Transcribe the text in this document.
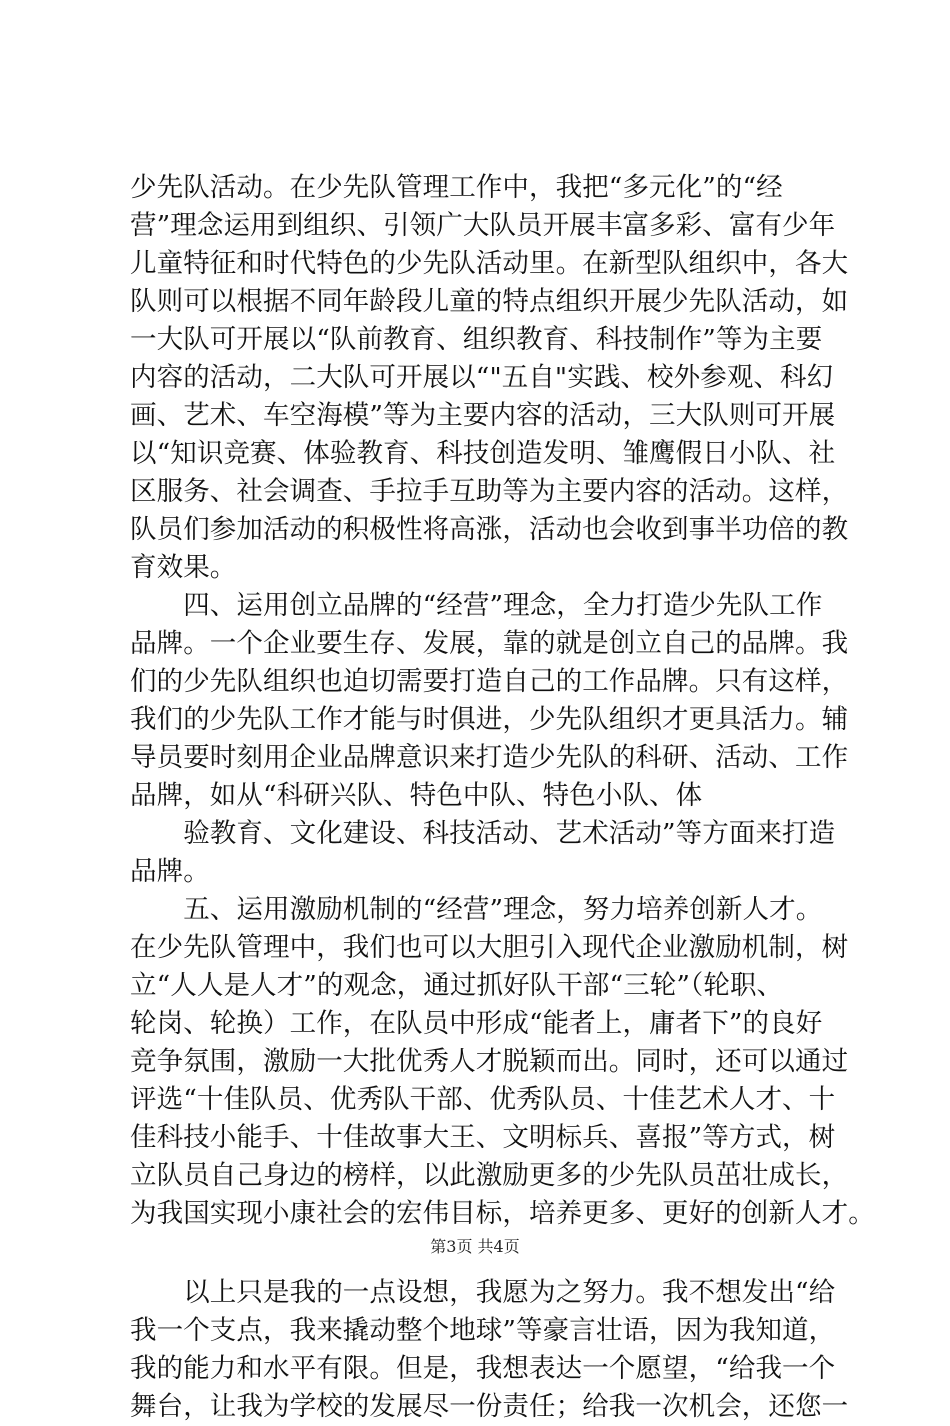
少先队活动。在少先队管理工作中，我把“多元化”的“经
营”理念运用到组织、引领广大队员开展丰富多彩、富有少年
儿童特征和时代特色的少先队活动里。在新型队组织中，各大
队则可以根据不同年龄段儿童的特点组织开展少先队活动，如
一大队可开展以“队前教育、组织教育、科技制作”等为主要
内容的活动，二大队可开展以“"五自"实践、校外参观、科幻
画、艺术、车空海模”等为主要内容的活动，三大队则可开展
以“知识竞赛、体验教育、科技创造发明、雏鹰假日小队、社
区服务、社会调查、手拉手互助等为主要内容的活动。这样，
队员们参加活动的积极性将高涨，活动也会收到事半功倍的教
育效果。
　　四、运用创立品牌的“经营”理念，全力打造少先队工作
品牌。一个企业要生存、发展，靠的就是创立自己的品牌。我
们的少先队组织也迫切需要打造自己的工作品牌。只有这样，
我们的少先队工作才能与时俱进，少先队组织才更具活力。辅
导员要时刻用企业品牌意识来打造少先队的科研、活动、工作
品牌，如从“科研兴队、特色中队、特色小队、体
　　验教育、文化建设、科技活动、艺术活动”等方面来打造
品牌。
　　五、运用激励机制的“经营”理念，努力培养创新人才。
在少先队管理中，我们也可以大胆引入现代企业激励机制，树
立“人人是人才”的观念，通过抓好队干部“三轮”（轮职、
轮岗、轮换）工作，在队员中形成“能者上，庸者下”的良好
竞争氛围，激励一大批优秀人才脱颖而出。同时，还可以通过
评选“十佳队员、优秀队干部、优秀队员、十佳艺术人才、十
佳科技小能手、十佳故事大王、文明标兵、喜报”等方式，树
立队员自己身边的榜样，以此激励更多的少先队员茁壮成长，
为我国实现小康社会的宏伟目标，培养更多、更好的创新人才。
　　以上只是我的一点设想，我愿为之努力。我不想发出“给
我一个支点，我来撬动整个地球”等豪言壮语，因为我知道，
我的能力和水平有限。但是，我想表达一个愿望，“给我一个
舞台，让我为学校的发展尽一份责任；给我一次机会，还您一
第3页 共4页
